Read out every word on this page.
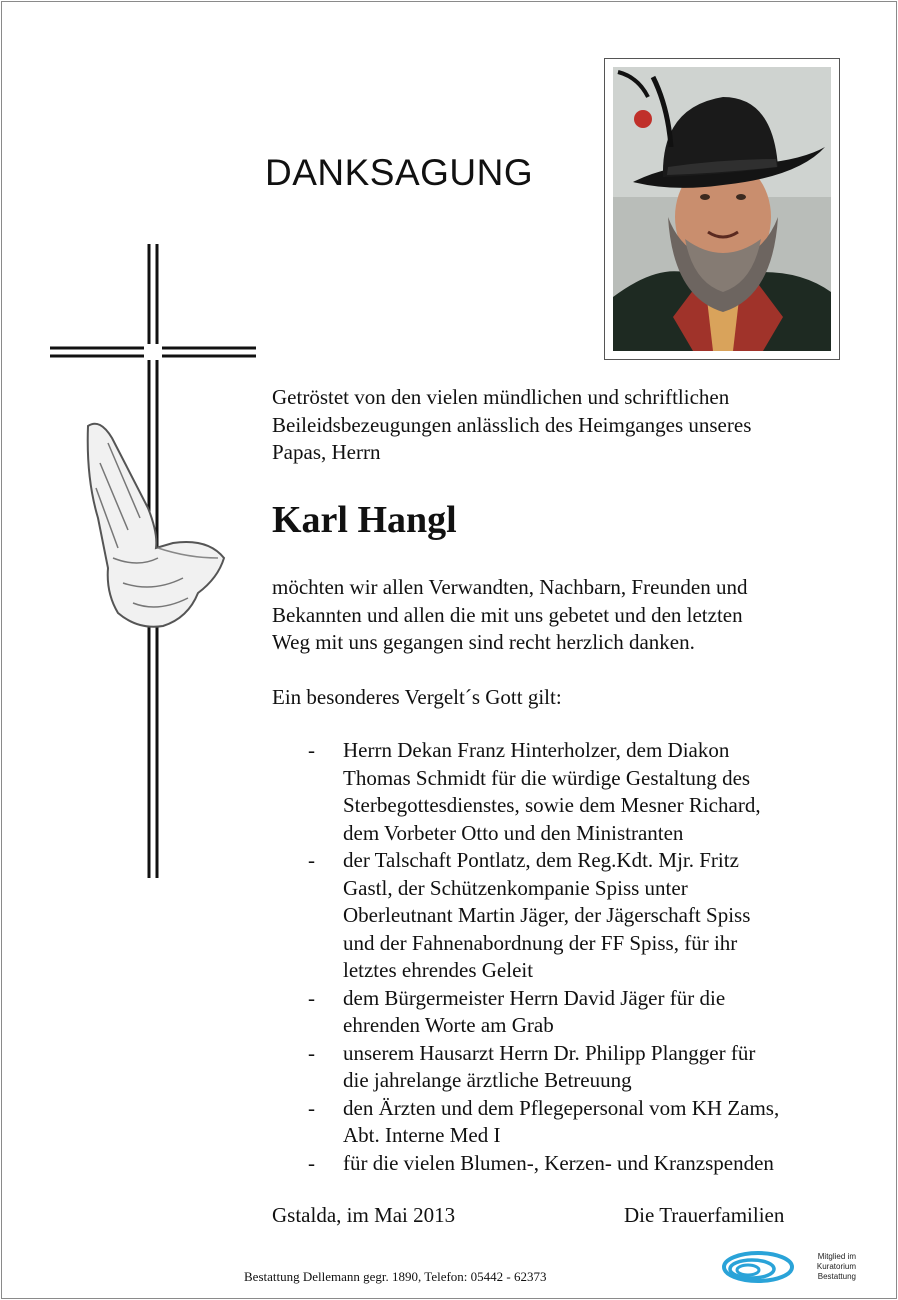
DANKSAGUNG
Getröstet von den vielen mündlichen und schriftlichen
Beileidsbezeugungen anlässlich des Heimganges unseres
Papas, Herrn
Karl Hangl
möchten wir allen Verwandten, Nachbarn, Freunden und
Bekannten und allen die mit uns gebetet und den letzten
Weg mit uns gegangen sind recht herzlich danken.
Ein besonderes Vergelt´s Gott gilt:
- Herrn Dekan Franz Hinterholzer, dem Diakon
Thomas Schmidt für die würdige Gestaltung des
Sterbegottesdienstes, sowie dem Mesner Richard,
dem Vorbeter Otto und den Ministranten
- der Talschaft Pontlatz, dem Reg.Kdt. Mjr. Fritz
Gastl, der Schützenkompanie Spiss unter
Oberleutnant Martin Jäger, der Jägerschaft Spiss
und der Fahnenabordnung der FF Spiss, für ihr
letztes ehrendes Geleit
- dem Bürgermeister Herrn David Jäger für die
ehrenden Worte am Grab
- unserem Hausarzt Herrn Dr. Philipp Plangger für
die jahrelange ärztliche Betreuung
- den Ärzten und dem Pflegepersonal vom KH Zams,
Abt. Interne Med I
- für die vielen Blumen-, Kerzen- und Kranzspenden
Gstalda, im Mai 2013	Die Trauerfamilien
Bestattung Dellemann gegr. 1890, Telefon: 05442 - 62373
Mitglied im
Kuratorium Bestattung
